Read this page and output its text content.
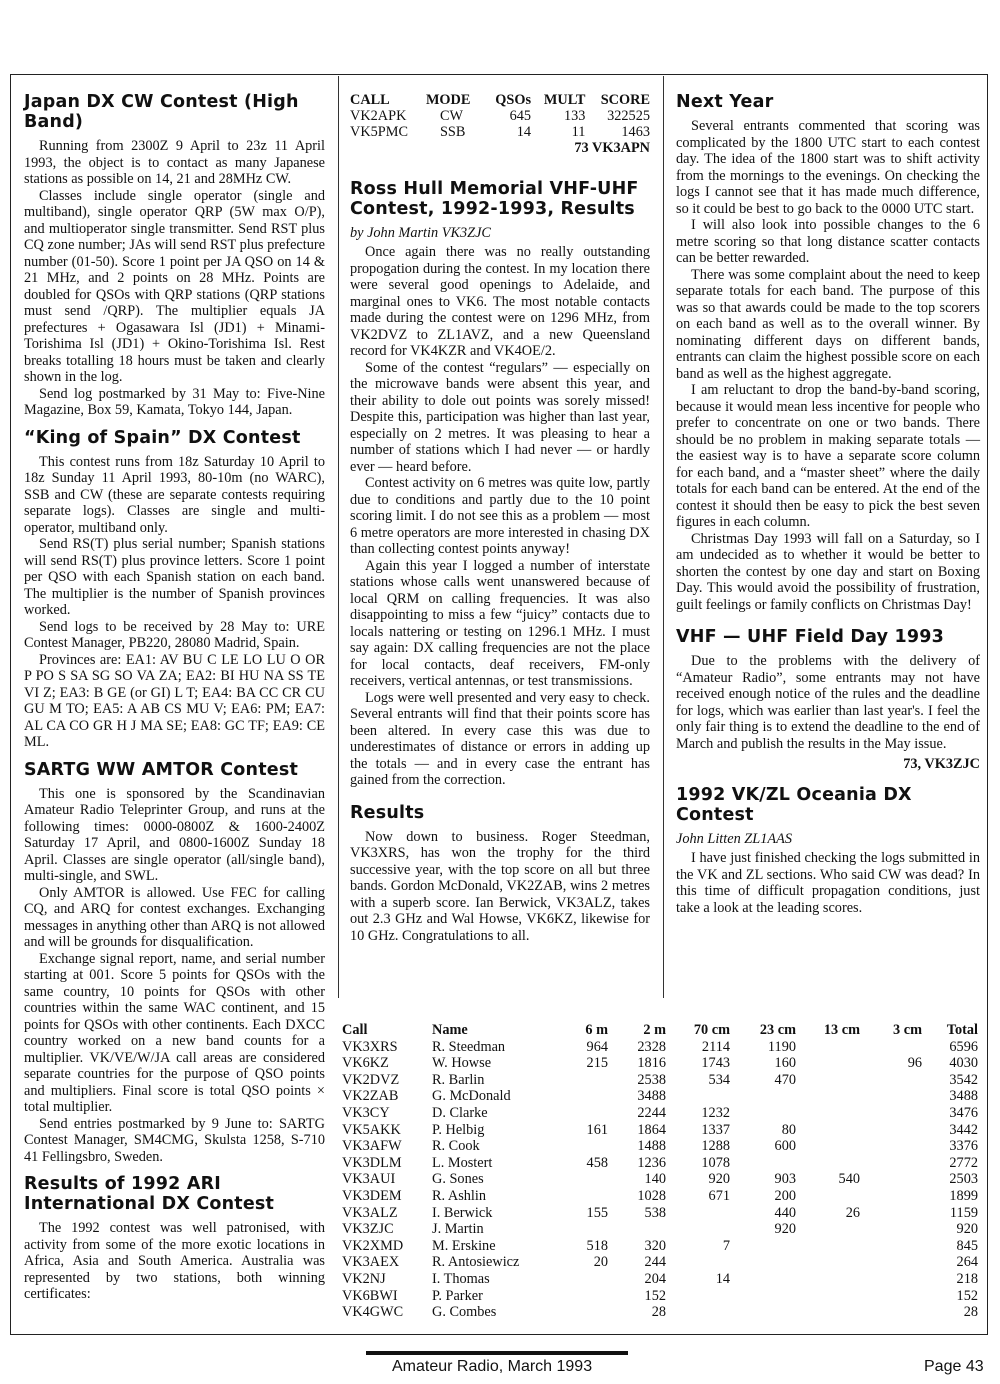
Japan DX CW Contest (High Band)

Running from 2300Z 9 April to 23z 11 April 1993, the object is to contact as many Japanese stations as possible on 14, 21 and 28MHz CW.

Classes include single operator (single and multiband), single operator QRP (5W max O/P), and multioperator single transmitter. Send RST plus CQ zone number; JAs will send RST plus prefecture number (01-50). Score 1 point per JA QSO on 14 & 21 MHz, and 2 points on 28 MHz. Points are doubled for QSOs with QRP stations (QRP stations must send /QRP). The multiplier equals JA prefectures + Ogasawara Isl (JD1) + Minami-Torishima Isl (JD1) + Okino-Torishima Isl. Rest breaks totalling 18 hours must be taken and clearly shown in the log.

Send log postmarked by 31 May to: Five-Nine Magazine, Box 59, Kamata, Tokyo 144, Japan.

“King of Spain” DX Contest

This contest runs from 18z Saturday 10 April to 18z Sunday 11 April 1993, 80-10m (no WARC), SSB and CW (these are separate contests requiring separate logs). Classes are single and multi-operator, multiband only.

Send RS(T) plus serial number; Spanish stations will send RS(T) plus province letters. Score 1 point per QSO with each Spanish station on each band. The multiplier is the number of Spanish provinces worked.

Send logs to be received by 28 May to: URE Contest Manager, PB220, 28080 Madrid, Spain.

Provinces are: EA1: AV BU C LE LO LU O OR P PO S SA SG SO VA ZA; EA2: BI HU NA SS TE VI Z; EA3: B GE (or GI) L T; EA4: BA CC CR CU GU M TO; EA5: A AB CS MU V; EA6: PM; EA7: AL CA CO GR H J MA SE; EA8: GC TF; EA9: CE ML.

SARTG WW AMTOR Contest

This one is sponsored by the Scandinavian Amateur Radio Teleprinter Group, and runs at the following times: 0000-0800Z & 1600-2400Z Saturday 17 April, and 0800-1600Z Sunday 18 April. Classes are single operator (all/single band), multi-single, and SWL.

Only AMTOR is allowed. Use FEC for calling CQ, and ARQ for contest exchanges. Exchanging messages in anything other than ARQ is not allowed and will be grounds for disqualification.

Exchange signal report, name, and serial number starting at 001. Score 5 points for QSOs with the same country, 10 points for QSOs with other countries within the same WAC continent, and 15 points for QSOs with other continents. Each DXCC country worked on a new band counts for a multiplier. VK/VE/W/JA call areas are considered separate countries for the purpose of QSO points and multipliers. Final score is total QSO points × total multiplier.

Send entries postmarked by 9 June to: SARTG Contest Manager, SM4CMG, Skulsta 1258, S-710 41 Fellingsbro, Sweden.

Results of 1992 ARI International DX Contest

The 1992 contest was well patronised, with activity from some of the more exotic locations in Africa, Asia and South America. Australia was represented by two stations, both winning certificates:

CALL	MODE	QSOs	MULT	SCORE
VK2APK	CW	645	133	322525
VK5PMC	SSB	14	11	1463
73 VK3APN
Ross Hull Memorial VHF-UHF Contest, 1992-1993, Results

by John Martin VK3ZJC

Once again there was no really outstanding propogation during the contest. In my location there were several good openings to Adelaide, and marginal ones to VK6. The most notable contacts made during the contest were on 1296 MHz, from VK2DVZ to ZL1AVZ, and a new Queensland record for VK4KZR and VK4OE/2.

Some of the contest “regulars” — especially on the microwave bands were absent this year, and their ability to dole out points was sorely missed! Despite this, participation was higher than last year, especially on 2 metres. It was pleasing to hear a number of stations which I had never — or hardly ever — heard before.

Contest activity on 6 metres was quite low, partly due to conditions and partly due to the 10 point scoring limit. I do not see this as a problem — most 6 metre operators are more interested in chasing DX than collecting contest points anyway!

Again this year I logged a number of interstate stations whose calls went unanswered because of local QRM on calling frequencies. It was also disappointing to miss a few “juicy” contacts due to locals nattering or testing on 1296.1 MHz. I must say again: DX calling frequencies are not the place for local contacts, deaf receivers, FM-only receivers, vertical antennas, or test transmissions.

Logs were well presented and very easy to check. Several entrants will find that their points score has been altered. In every case this was due to underestimates of distance or errors in adding up the totals — and in every case the entrant has gained from the correction.

Results

Now down to business. Roger Steedman, VK3XRS, has won the trophy for the third successive year, with the top score on all but three bands. Gordon McDonald, VK2ZAB, wins 2 metres with a superb score. Ian Berwick, VK3ALZ, takes out 2.3 GHz and Wal Howse, VK6KZ, likewise for 10 GHz. Congratulations to all.

Next Year

Several entrants commented that scoring was complicated by the 1800 UTC start to each contest day. The idea of the 1800 start was to shift activity from the mornings to the evenings. On checking the logs I cannot see that it has made much difference, so it could be best to go back to the 0000 UTC start.

I will also look into possible changes to the 6 metre scoring so that long distance scatter contacts can be better rewarded.

There was some complaint about the need to keep separate totals for each band. The purpose of this was so that awards could be made to the top scorers on each band as well as to the overall winner. By nominating different days on different bands, entrants can claim the highest possible score on each band as well as the highest aggregate.

I am reluctant to drop the band-by-band scoring, because it would mean less incentive for people who prefer to concentrate on one or two bands. There should be no problem in making separate totals — the easiest way is to have a separate score column for each band, and a “master sheet” where the daily totals for each band can be entered. At the end of the contest it should then be easy to pick the best seven figures in each column.

Christmas Day 1993 will fall on a Saturday, so I am undecided as to whether it would be better to shorten the contest by one day and start on Boxing Day. This would avoid the possibility of frustration, guilt feelings or family conflicts on Christmas Day!

VHF — UHF Field Day 1993

Due to the problems with the delivery of “Amateur Radio”, some entrants may not have received enough notice of the rules and the deadline for logs, which was earlier than last year's. I feel the only fair thing is to extend the deadline to the end of March and publish the results in the May issue.

73, VK3ZJC

1992 VK/ZL Oceania DX Contest

John Litten ZL1AAS

I have just finished checking the logs submitted in the VK and ZL sections. Who said CW was dead? In this time of difficult propagation conditions, just take a look at the leading scores.

Call	Name	6 m	2 m	70 cm	23 cm	13 cm	3 cm	Total
VK3XRS	R. Steedman	964	2328	2114	1190			6596
VK6KZ	W. Howse	215	1816	1743	160		96	4030
VK2DVZ	R. Barlin		2538	534	470			3542
VK2ZAB	G. McDonald		3488					3488
VK3CY	D. Clarke		2244	1232				3476
VK5AKK	P. Helbig	161	1864	1337	80			3442
VK3AFW	R. Cook		1488	1288	600			3376
VK3DLM	L. Mostert	458	1236	1078				2772
VK3AUI	G. Sones		140	920	903	540		2503
VK3DEM	R. Ashlin		1028	671	200			1899
VK3ALZ	I. Berwick	155	538		440	26		1159
VK3ZJC	J. Martin				920			920
VK2XMD	M. Erskine	518	320	7				845
VK3AEX	R. Antosiewicz	20	244					264
VK2NJ	I. Thomas		204	14				218
VK6BWI	P. Parker		152					152
VK4GWC	G. Combes		28					28
Amateur Radio, March 1993	Page 43
